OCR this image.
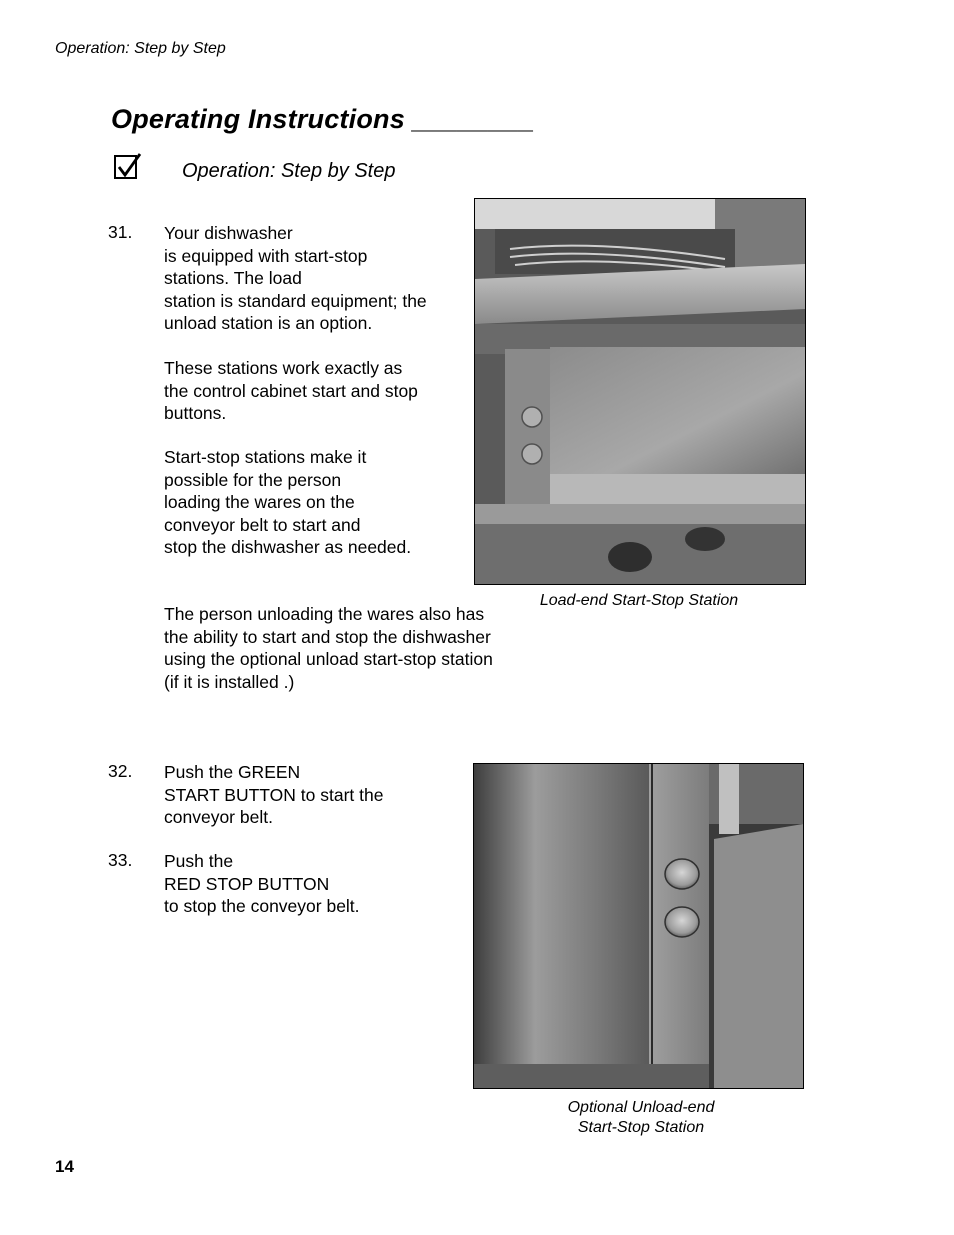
Operation: Step by Step
Operating Instructions ________
Operation: Step by Step
31. Your dishwasher
is equipped with start-stop
stations. The load
station is standard equipment; the
unload station is an option.

These stations work exactly as
the control cabinet start and stop
buttons.

Start-stop stations make it
possible for the person
loading the wares on the
conveyor belt to start and
stop the dishwasher as needed.

The person unloading the wares also has
the ability to start and stop the dishwasher
using the optional unload start-stop station
(if it is installed .)

Load-end Start-Stop Station
32. Push the GREEN
START BUTTON to start the
conveyor belt.

33. Push the
RED STOP BUTTON
to stop the conveyor belt.

Optional Unload-end
Start-Stop Station
14
